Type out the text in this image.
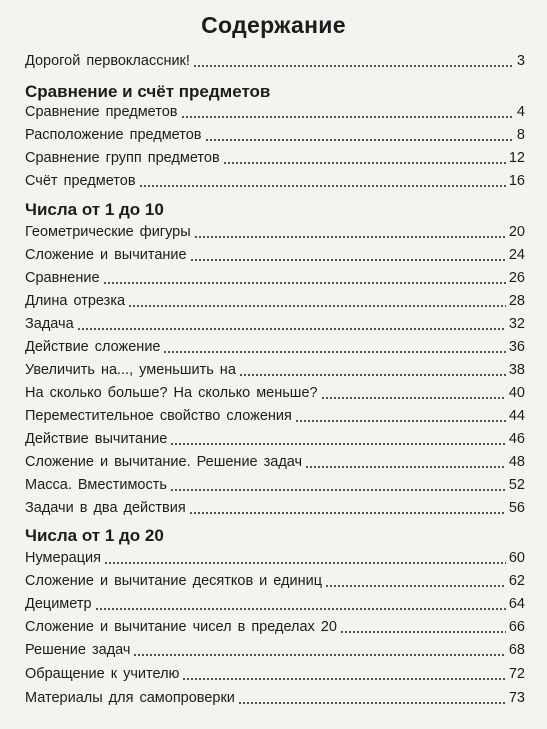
Содержание
Дорогой первоклассник!	3
Сравнение и счёт предметов
Сравнение предметов	4
Расположение предметов	8
Сравнение групп предметов	12
Счёт предметов	16
Числа от 1 до 10
Геометрические фигуры	20
Сложение и вычитание	24
Сравнение	26
Длина отрезка	28
Задача	32
Действие сложение	36
Увеличить на..., уменьшить на	38
На сколько больше? На сколько меньше?	40
Переместительное свойство сложения	44
Действие вычитание	46
Сложение и вычитание. Решение задач	48
Масса. Вместимость	52
Задачи в два действия	56
Числа от 1 до 20
Нумерация	60
Сложение и вычитание десятков и единиц	62
Дециметр	64
Сложение и вычитание чисел в пределах 20	66
Решение задач	68
Обращение к учителю	72
Материалы для самопроверки	73
